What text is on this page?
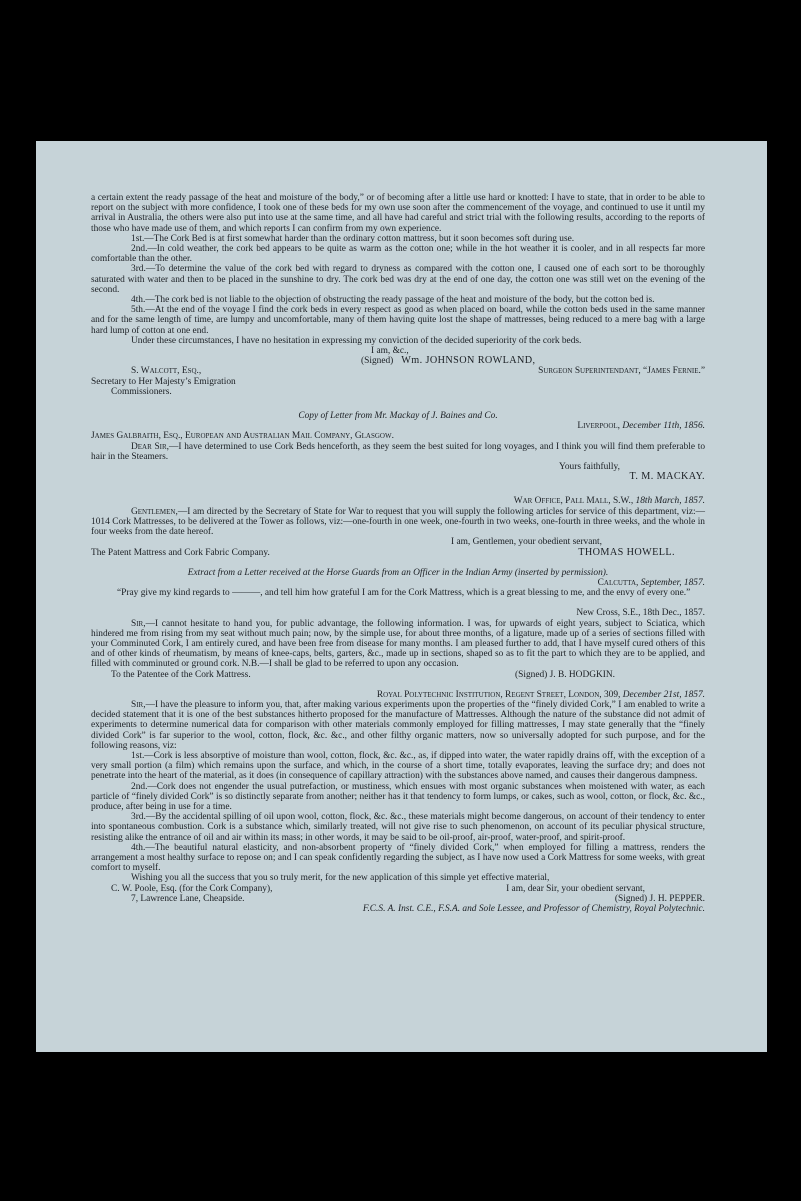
a certain extent the ready passage of the heat and moisture of the body,” or of becoming after a little use hard or knotted: I have to state, that in order to be able to report on the subject with more confidence, I took one of these beds for my own use soon after the commencement of the voyage, and continued to use it until my arrival in Australia, the others were also put into use at the same time, and all have had careful and strict trial with the following results, according to the reports of those who have made use of them, and which reports I can confirm from my own experience.

1st.—The Cork Bed is at first somewhat harder than the ordinary cotton mattress, but it soon becomes soft during use.

2nd.—In cold weather, the cork bed appears to be quite as warm as the cotton one; while in the hot weather it is cooler, and in all respects far more comfortable than the other.

3rd.—To determine the value of the cork bed with regard to dryness as compared with the cotton one, I caused one of each sort to be thoroughly saturated with water and then to be placed in the sunshine to dry. The cork bed was dry at the end of one day, the cotton one was still wet on the evening of the second.

4th.—The cork bed is not liable to the objection of obstructing the ready passage of the heat and moisture of the body, but the cotton bed is.

5th.—At the end of the voyage I find the cork beds in every respect as good as when placed on board, while the cotton beds used in the same manner and for the same length of time, are lumpy and uncomfortable, many of them having quite lost the shape of mattresses, being reduced to a mere bag with a large hard lump of cotton at one end.

Under these circumstances, I have no hesitation in expressing my conviction of the decided superiority of the cork beds.

I am, &c.,

(Signed) Wm. JOHNSON ROWLAND,
S. Walcott, Esq.,	Surgeon Superintendant, “James Fernie.”

Secretary to Her Majesty’s Emigration

Commissioners.

Copy of Letter from Mr. Mackay of J. Baines and Co.

Liverpool, December 11th, 1856.

James Galbraith, Esq., European and Australian Mail Company, Glasgow.

Dear Sir,—I have determined to use Cork Beds henceforth, as they seem the best suited for long voyages, and I think you will find them preferable to hair in the Steamers.

Yours faithfully,

T. M. MACKAY.

War Office, Pall Mall, S.W., 18th March, 1857.

Gentlemen,—I am directed by the Secretary of State for War to request that you will supply the following articles for service of this department, viz:—1014 Cork Mattresses, to be delivered at the Tower as follows, viz:—one-fourth in one week, one-fourth in two weeks, one-fourth in three weeks, and the whole in four weeks from the date hereof.

I am, Gentlemen, your obedient servant,

The Patent Mattress and Cork Fabric Company.	THOMAS HOWELL.

Extract from a Letter received at the Horse Guards from an Officer in the Indian Army (inserted by permission).

Calcutta, September, 1857.

“Pray give my kind regards to ———, and tell him how grateful I am for the Cork Mattress, which is a great blessing to me, and the envy of every one.”

New Cross, S.E., 18th Dec., 1857.

Sir,—I cannot hesitate to hand you, for public advantage, the following information. I was, for upwards of eight years, subject to Sciatica, which hindered me from rising from my seat without much pain; now, by the simple use, for about three months, of a ligature, made up of a series of sections filled with your Comminuted Cork, I am entirely cured, and have been free from disease for many months. I am pleased further to add, that I have myself cured others of this and of other kinds of rheumatism, by means of knee-caps, belts, garters, &c., made up in sections, shaped so as to fit the part to which they are to be applied, and filled with comminuted or ground cork. N.B.—I shall be glad to be referred to upon any occasion.

To the Patentee of the Cork Mattress.	(Signed) J. B. HODGKIN.

Royal Polytechnic Institution, Regent Street, London, 309, December 21st, 1857.

Sir,—I have the pleasure to inform you, that, after making various experiments upon the properties of the “finely divided Cork,” I am enabled to write a decided statement that it is one of the best substances hitherto proposed for the manufacture of Mattresses. Although the nature of the substance did not admit of experiments to determine numerical data for comparison with other materials commonly employed for filling mattresses, I may state generally that the “finely divided Cork” is far superior to the wool, cotton, flock, &c. &c., and other filthy organic matters, now so universally adopted for such purpose, and for the following reasons, viz:

1st.—Cork is less absorptive of moisture than wool, cotton, flock, &c. &c., as, if dipped into water, the water rapidly drains off, with the exception of a very small portion (a film) which remains upon the surface, and which, in the course of a short time, totally evaporates, leaving the surface dry; and does not penetrate into the heart of the material, as it does (in consequence of capillary attraction) with the substances above named, and causes their dangerous dampness.

2nd.—Cork does not engender the usual putrefaction, or mustiness, which ensues with most organic substances when moistened with water, as each particle of “finely divided Cork” is so distinctly separate from another; neither has it that tendency to form lumps, or cakes, such as wool, cotton, or flock, &c. &c., produce, after being in use for a time.

3rd.—By the accidental spilling of oil upon wool, cotton, flock, &c. &c., these materials might become dangerous, on account of their tendency to enter into spontaneous combustion. Cork is a substance which, similarly treated, will not give rise to such phenomenon, on account of its peculiar physical structure, resisting alike the entrance of oil and air within its mass; in other words, it may be said to be oil-proof, air-proof, water-proof, and spirit-proof.

4th.—The beautiful natural elasticity, and non-absorbent property of “finely divided Cork,” when employed for filling a mattress, renders the arrangement a most healthy surface to repose on; and I can speak confidently regarding the subject, as I have now used a Cork Mattress for some weeks, with great comfort to myself.

Wishing you all the success that you so truly merit, for the new application of this simple yet effective material,

C. W. Poole, Esq. (for the Cork Company),	I am, dear Sir, your obedient servant,
7, Lawrence Lane, Cheapside.	(Signed) J. H. PEPPER.

F.C.S. A. Inst. C.E., F.S.A. and Sole Lessee, and Professor of Chemistry, Royal Polytechnic.
